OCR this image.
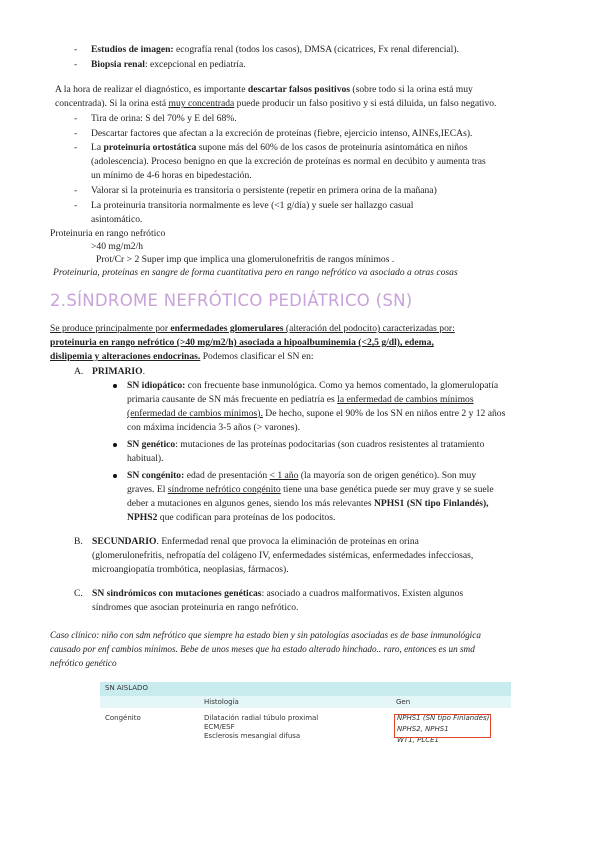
Estudios de imagen: ecografía renal (todos los casos), DMSA (cicatrices, Fx renal diferencial).
Biopsia renal: excepcional en pediatría.
A la hora de realizar el diagnóstico, es importante descartar falsos positivos (sobre todo si la orina está muy
concentrada). Si la orina está muy concentrada puede producir un falso positivo y si está diluida, un falso negativo.
Tira de orina: S del 70% y E del 68%.
Descartar factores que afectan a la excreción de proteínas (fiebre, ejercicio intenso, AINEs,IECAs).
La proteinuria ortostática supone más del 60% de los casos de proteinuria asintomática en niños
(adolescencia). Proceso benigno en que la excreción de proteínas es normal en decúbito y aumenta tras
un mínimo de 4-6 horas en bipedestación.
Valorar si la proteinuria es transitoria o persistente (repetir en primera orina de la mañana)
La proteinuria transitoria normalmente es leve (<1 g/día) y suele ser hallazgo casual
asintomático.
Proteinuria en rango nefrótico
>40 mg/m2/h
Prot/Cr > 2 Super imp que implica una glomerulonefritis de rangos mínimos .
Proteinuria, proteínas en sangre de forma cuantitativa pero en rango nefrótico va asociado a otras cosas
2.SÍNDROME NEFRÓTICO PEDIÁTRICO (SN)
Se produce principalmente por enfermedades glomerulares (alteración del podocito) caracterizadas por:
proteinuria en rango nefrótico (>40 mg/m2/h) asociada a hipoalbuminemia (<2,5 g/dl), edema,
dislipemia y alteraciones endocrinas. Podemos clasificar el SN en:
A. PRIMARIO.
SN idiopático: con frecuente base inmunológica. Como ya hemos comentado, la glomerulopatía
primaria causante de SN más frecuente en pediatría es la enfermedad de cambios mínimos
(enfermedad de cambios mínimos). De hecho, supone el 90% de los SN en niños entre 2 y 12 años
con máxima incidencia 3-5 años (> varones).
SN genético: mutaciones de las proteínas podocitarias (son cuadros resistentes al tratamiento
habitual).
SN congénito: edad de presentación < 1 año (la mayoría son de origen genético). Son muy
graves. El síndrome nefrótico congénito tiene una base genética puede ser muy grave y se suele
deber a mutaciones en algunos genes, siendo los más relevantes NPHS1 (SN tipo Finlandés),
NPHS2 que codifican para proteínas de los podocitos.
B. SECUNDARIO. Enfermedad renal que provoca la eliminación de proteínas en orina
(glomerulonefritis, nefropatía del colágeno IV, enfermedades sistémicas, enfermedades infecciosas,
microangiopatía trombótica, neoplasias, fármacos).
C. SN sindrómicos con mutaciones genéticas: asociado a cuadros malformativos. Existen algunos
síndromes que asocian proteinuria en rango nefrótico.
Caso clínico: niño con sdm nefrótico que siempre ha estado bien y sin patologías asociadas es de base inmunológica
causado por enf cambios mínimos. Bebe de unos meses que ha estado alterado hinchado.. raro, entonces es un smd
nefrótico genético
SN AISLADO
Histología	Gen
Congénito	Dilatación radial túbulo proximal
ECM/ESF
Esclerosis mesangial difusa
NPHS1 (SN tipo Finlandés)
NPHS2, NPHS1
WT1, PLCE1
